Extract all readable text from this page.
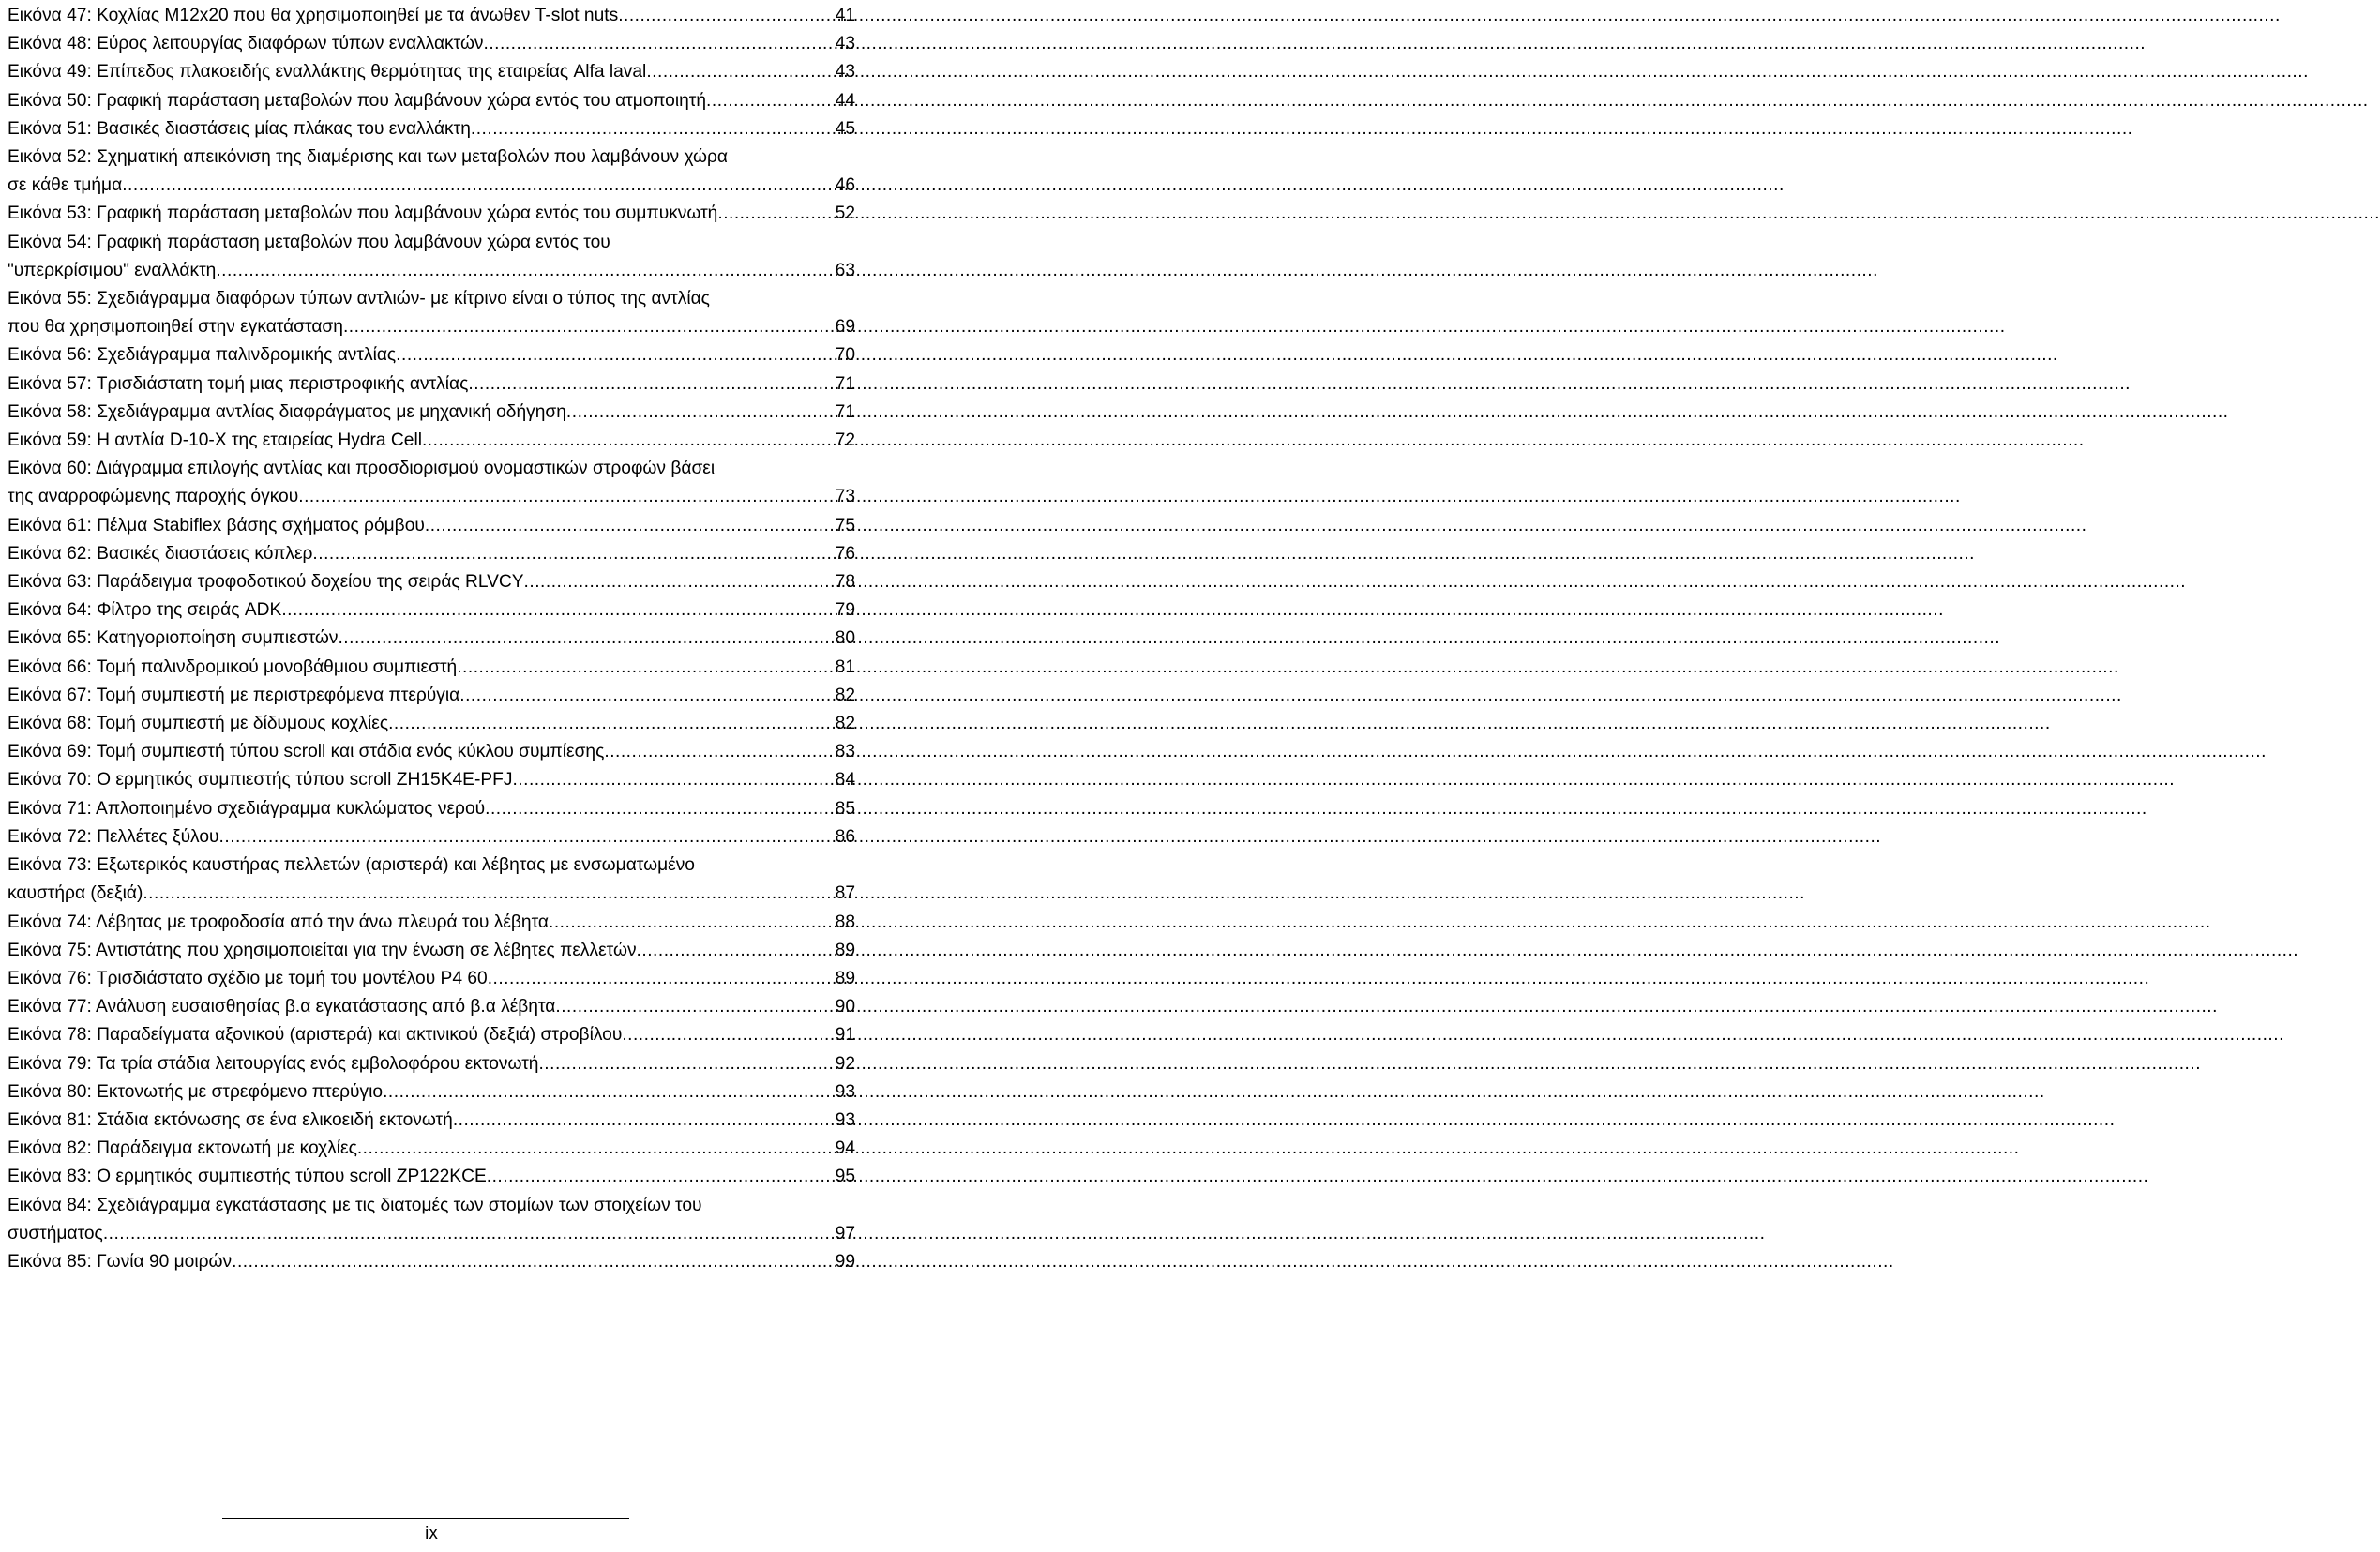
Εικόνα 47: Κοχλίας Μ12x20 που θα χρησιμοποιηθεί με τα άνωθεν T-slot nuts .....	41
Εικόνα 48: Εύρος λειτουργίας διαφόρων τύπων εναλλακτών .....	43
Εικόνα 49: Επίπεδος πλακοειδής εναλλάκτης θερμότητας της εταιρείας Alfa laval .....	43
Εικόνα 50: Γραφική παράσταση μεταβολών που λαμβάνουν χώρα εντός του ατμοποιητή .....	44
Εικόνα 51: Βασικές διαστάσεις μίας πλάκας του εναλλάκτη .....	45
Εικόνα 52: Σχηματική απεικόνιση της διαμέρισης και των μεταβολών που λαμβάνουν χώρα
σε κάθε τμήμα .....	46
Εικόνα 53: Γραφική παράσταση μεταβολών που λαμβάνουν χώρα εντός του συμπυκνωτή .....	52
Εικόνα 54: Γραφική παράσταση μεταβολών που λαμβάνουν χώρα εντός του
"υπερκρίσιμου" εναλλάκτη .....	63
Εικόνα 55: Σχεδιάγραμμα διαφόρων τύπων αντλιών- με κίτρινο είναι ο τύπος της αντλίας
που θα χρησιμοποιηθεί στην εγκατάσταση .....	69
Εικόνα 56: Σχεδιάγραμμα παλινδρομικής αντλίας .....	70
Εικόνα 57: Τρισδιάστατη τομή μιας περιστροφικής αντλίας .....	71
Εικόνα 58: Σχεδιάγραμμα αντλίας διαφράγματος με μηχανική οδήγηση .....	71
Εικόνα 59: Η αντλία D-10-X της εταιρείας Hydra Cell .....	72
Εικόνα 60: Διάγραμμα επιλογής αντλίας και προσδιορισμού ονομαστικών στροφών βάσει
της αναρροφώμενης παροχής όγκου .....	73
Εικόνα 61: Πέλμα Stabiflex βάσης σχήματος ρόμβου .....	75
Εικόνα 62: Βασικές διαστάσεις κόπλερ .....	76
Εικόνα 63: Παράδειγμα τροφοδοτικού δοχείου της σειράς RLVCY .....	78
Εικόνα 64: Φίλτρο της σειράς ADK .....	79
Εικόνα 65: Κατηγοριοποίηση συμπιεστών .....	80
Εικόνα 66: Τομή παλινδρομικού μονοβάθμιου συμπιεστή .....	81
Εικόνα 67: Τομή συμπιεστή με περιστρεφόμενα πτερύγια .....	82
Εικόνα 68: Τομή συμπιεστή με δίδυμους κοχλίες .....	82
Εικόνα 69: Τομή συμπιεστή τύπου scroll και στάδια ενός κύκλου συμπίεσης .....	83
Εικόνα 70: Ο ερμητικός συμπιεστής τύπου scroll ZH15K4E-PFJ .....	84
Εικόνα 71: Απλοποιημένο σχεδιάγραμμα κυκλώματος νερού .....	85
Εικόνα 72: Πελλέτες ξύλου .....	86
Εικόνα 73: Εξωτερικός καυστήρας πελλετών (αριστερά) και λέβητας με ενσωματωμένο
καυστήρα (δεξιά) .....	87
Εικόνα 74: Λέβητας με τροφοδοσία από την άνω πλευρά του λέβητα .....	88
Εικόνα 75: Αντιστάτης που χρησιμοποιείται για την ένωση σε λέβητες πελλετών .....	89
Εικόνα 76: Τρισδιάστατο σχέδιο με τομή του μοντέλου P4 60 .....	89
Εικόνα 77: Ανάλυση ευσαισθησίας β.α εγκατάστασης από β.α λέβητα .....	90
Εικόνα 78: Παραδείγματα αξονικού (αριστερά) και ακτινικού (δεξιά) στροβίλου .....	91
Εικόνα 79: Τα τρία στάδια λειτουργίας ενός εμβολοφόρου εκτονωτή .....	92
Εικόνα 80: Εκτονωτής με στρεφόμενο πτερύγιο .....	93
Εικόνα 81: Στάδια εκτόνωσης σε ένα ελικοειδή εκτονωτή .....	93
Εικόνα 82: Παράδειγμα εκτονωτή με κοχλίες .....	94
Εικόνα 83: Ο ερμητικός συμπιεστής τύπου scroll ZP122KCE .....	95
Εικόνα 84: Σχεδιάγραμμα εγκατάστασης με τις διατομές των στομίων των στοιχείων του
συστήματος .....	97
Εικόνα 85: Γωνία 90 μοιρών .....	99
ix
